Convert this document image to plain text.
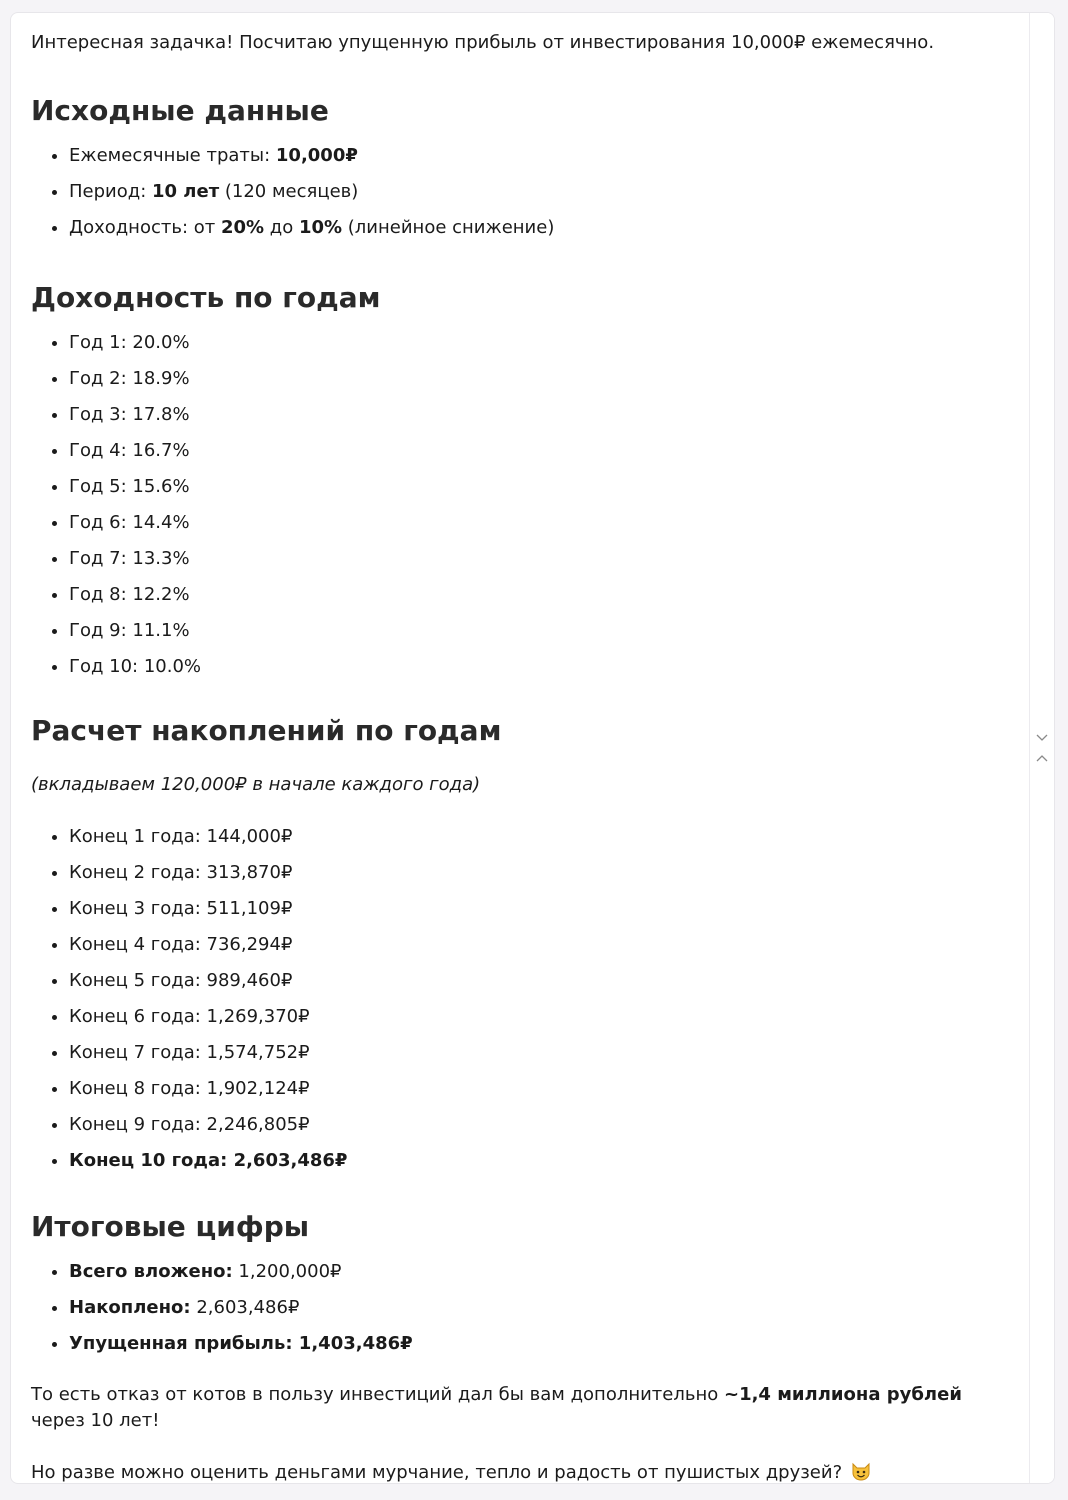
Интересная задачка! Посчитаю упущенную прибыль от инвестирования 10,000₽ ежемесячно.

Исходные данные
• Ежемесячные траты: 10,000₽
• Период: 10 лет (120 месяцев)
• Доходность: от 20% до 10% (линейное снижение)
Доходность по годам
• Год 1: 20.0%
• Год 2: 18.9%
• Год 3: 17.8%
• Год 4: 16.7%
• Год 5: 15.6%
• Год 6: 14.4%
• Год 7: 13.3%
• Год 8: 12.2%
• Год 9: 11.1%
• Год 10: 10.0%
Расчет накоплений по годам

(вкладываем 120,000₽ в начале каждого года)

• Конец 1 года: 144,000₽
• Конец 2 года: 313,870₽
• Конец 3 года: 511,109₽
• Конец 4 года: 736,294₽
• Конец 5 года: 989,460₽
• Конец 6 года: 1,269,370₽
• Конец 7 года: 1,574,752₽
• Конец 8 года: 1,902,124₽
• Конец 9 года: 2,246,805₽
• Конец 10 года: 2,603,486₽
Итоговые цифры
• Всего вложено: 1,200,000₽
• Накоплено: 2,603,486₽
• Упущенная прибыль: 1,403,486₽

То есть отказ от котов в пользу инвестиций дал бы вам дополнительно ~1,4 миллиона рублей через 10 лет!

Но разве можно оценить деньгами мурчание, тепло и радость от пушистых друзей?
